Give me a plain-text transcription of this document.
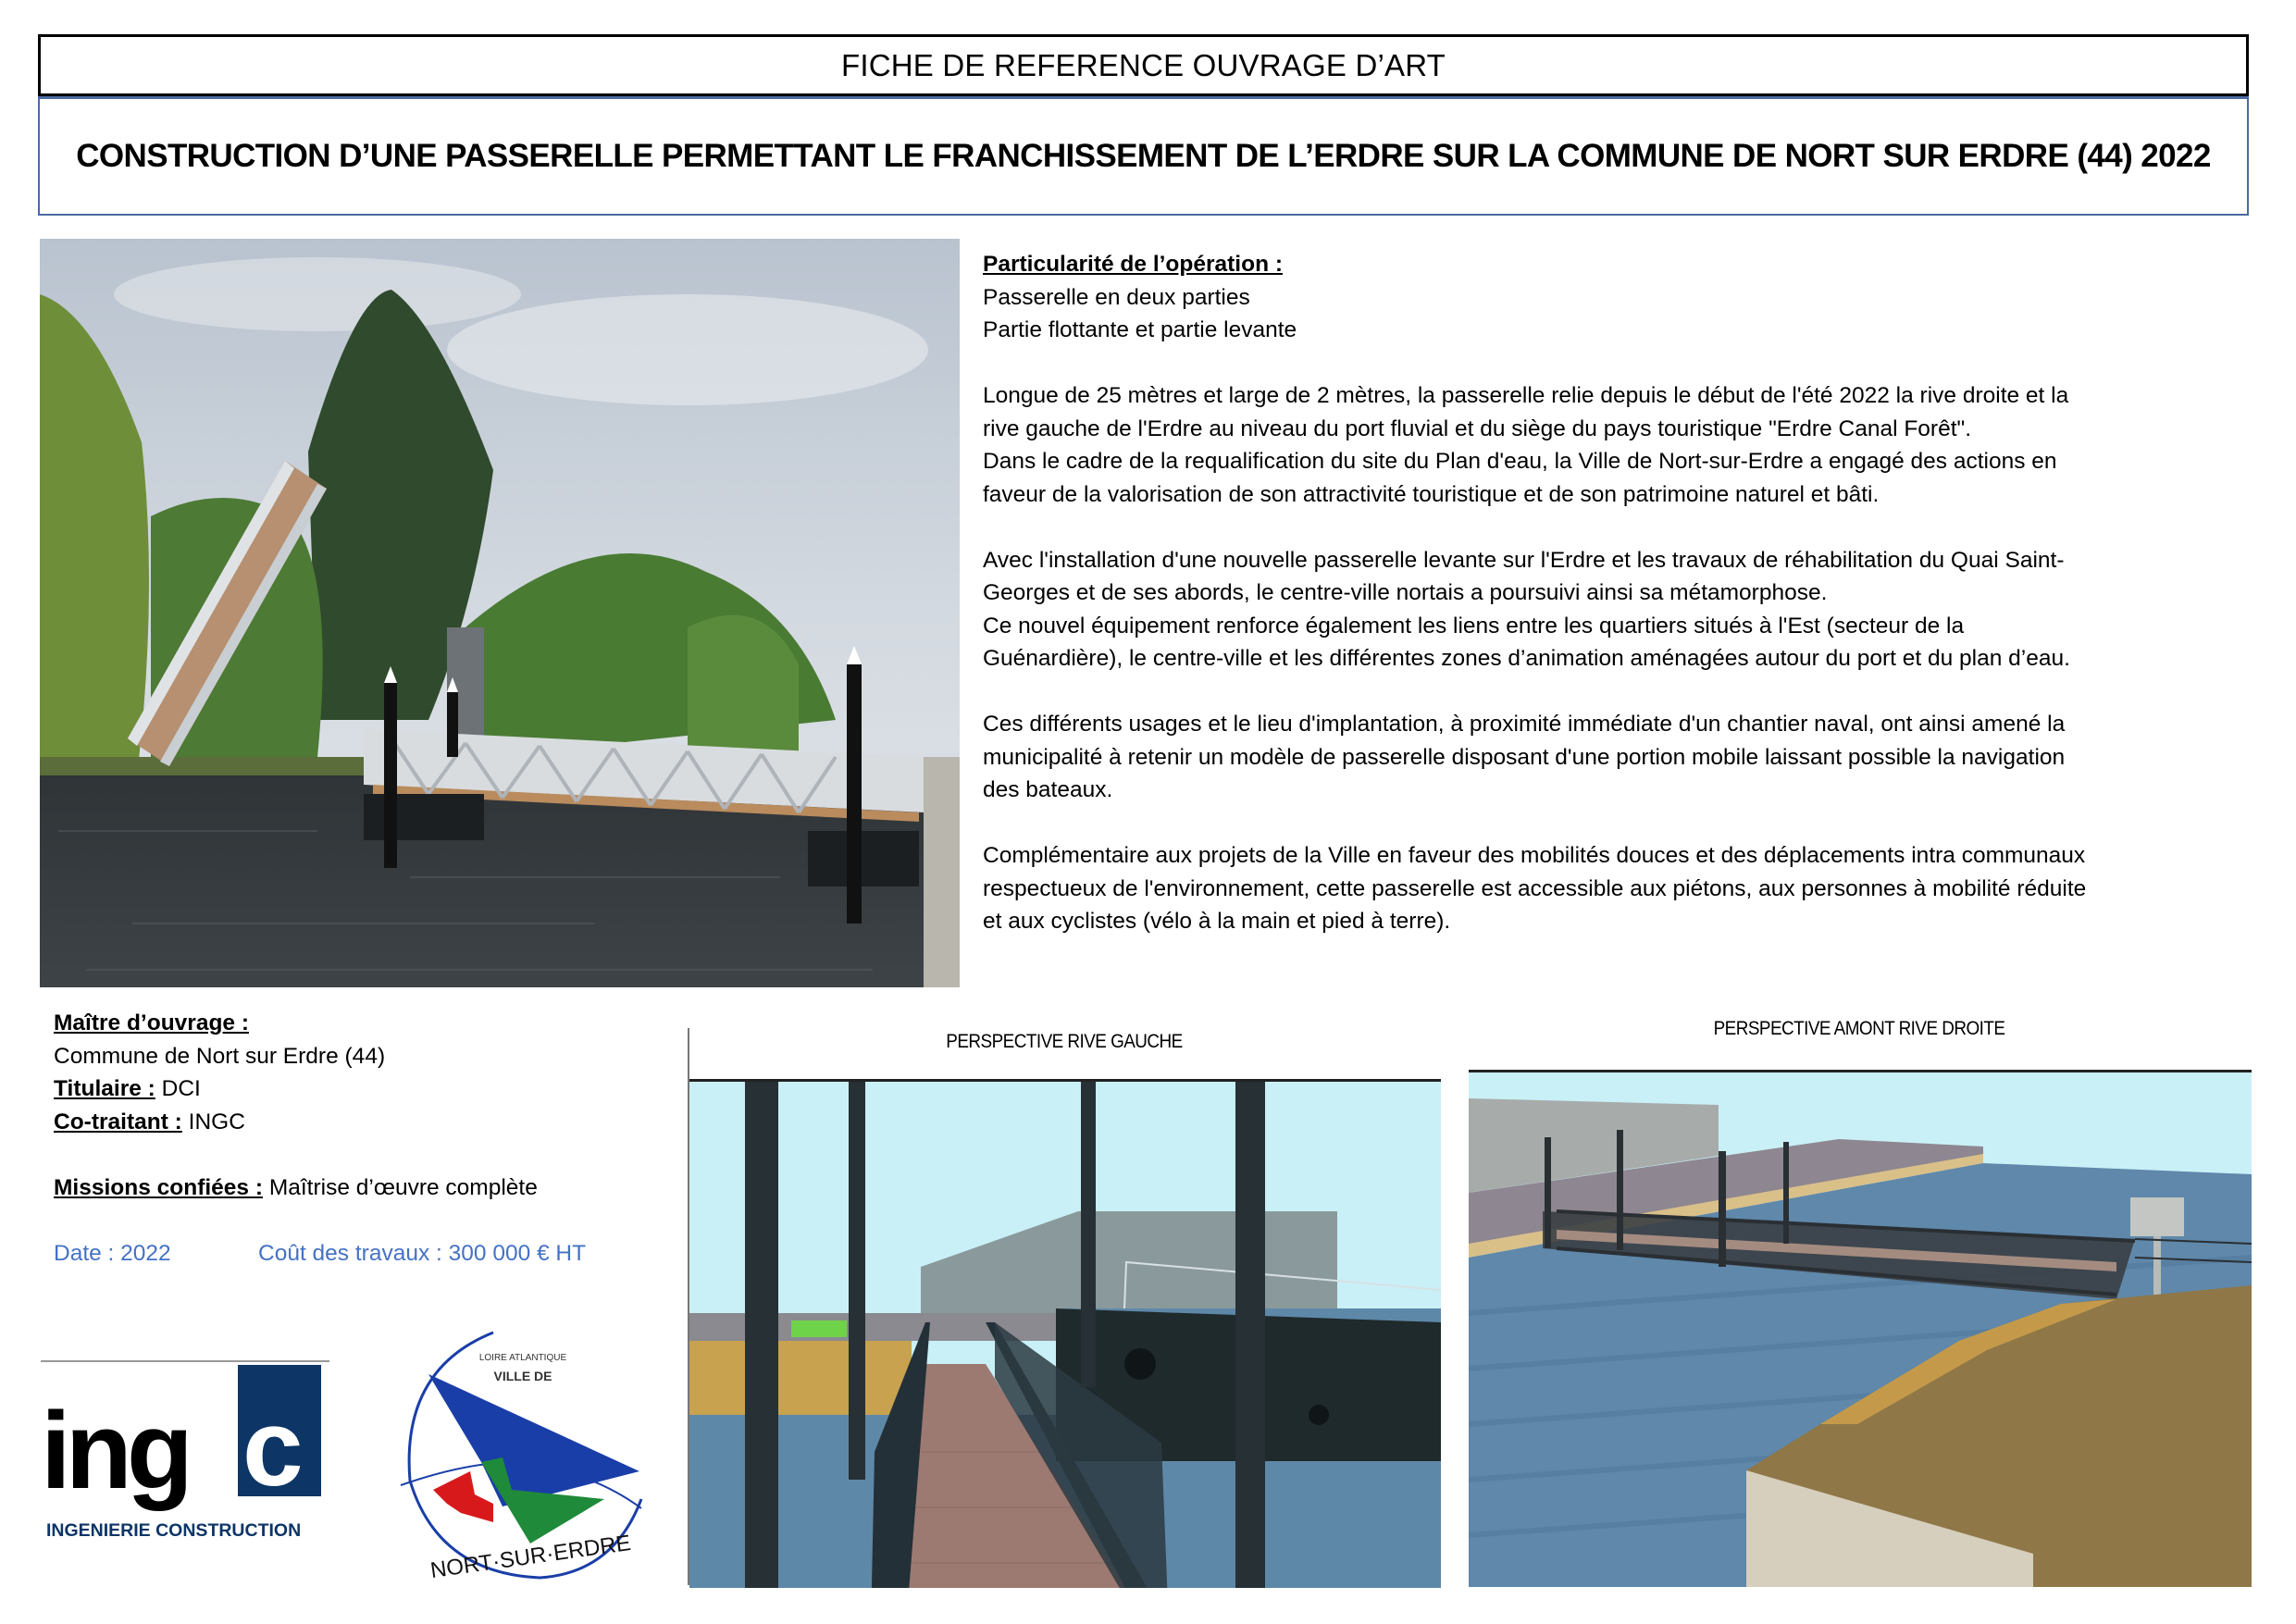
FICHE DE REFERENCE OUVRAGE D’ART
CONSTRUCTION D’UNE PASSERELLE PERMETTANT LE FRANCHISSEMENT DE L’ERDRE SUR LA COMMUNE DE NORT SUR ERDRE (44) 2022

Particularité de l’opération :

Passerelle en deux parties

Partie flottante et partie levante

Longue de 25 mètres et large de 2 mètres, la passerelle relie depuis le début de l'été 2022 la rive droite et la

rive gauche de l'Erdre au niveau du port fluvial et du siège du pays touristique "Erdre Canal Forêt".

Dans le cadre de la requalification du site du Plan d'eau, la Ville de Nort-sur-Erdre a engagé des actions en

faveur de la valorisation de son attractivité touristique et de son patrimoine naturel et bâti.

Avec l'installation d'une nouvelle passerelle levante sur l'Erdre et les travaux de réhabilitation du Quai Saint-

Georges et de ses abords, le centre-ville nortais a poursuivi ainsi sa métamorphose.

Ce nouvel équipement renforce également les liens entre les quartiers situés à l'Est (secteur de la

Guénardière), le centre-ville et les différentes zones d’animation aménagées autour du port et du plan d’eau.

Ces différents usages et le lieu d'implantation, à proximité immédiate d'un chantier naval, ont ainsi amené la

municipalité à retenir un modèle de passerelle disposant d'une portion mobile laissant possible la navigation

des bateaux.

Complémentaire aux projets de la Ville en faveur des mobilités douces et des déplacements intra communaux

respectueux de l'environnement, cette passerelle est accessible aux piétons, aux personnes à mobilité réduite

et aux cyclistes (vélo à la main et pied à terre).

Maître d’ouvrage :

Commune de Nort sur Erdre (44)

Titulaire : DCI

Co-traitant : INGC

Missions confiées : Maîtrise d’œuvre complète

Date : 2022	Coût des travaux : 300 000 € HT

PERSPECTIVE RIVE GAUCHE
PERSPECTIVE AMONT RIVE DROITE
ing c
INGENIERIE CONSTRUCTION
LOIRE ATLANTIQUE
VILLE DE
NORT·SUR·ERDRE
